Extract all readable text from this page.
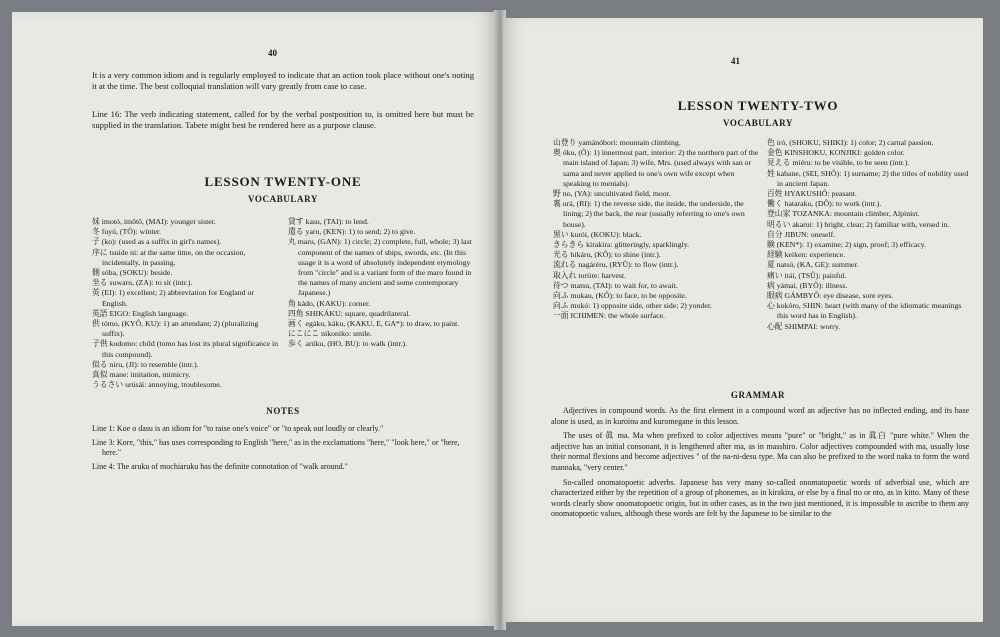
40
It is a very common idiom and is regularly employed to indicate that an action took place without one's noting it at the time. The best colloquial translation will vary greatly from case to case.
Line 16: The verb indicating statement, called for by the verbal postposition to, is omitted here but must be supplied in the translation. Tabete might best be rendered here as a purpose clause.
LESSON TWENTY-ONE
VOCABULARY
妹 imotó, imôtô, (MAI): younger sister.
冬 fuyú, (TÔ): winter.
子 (ko): (used as a suffix in girl's names).
序に tsuide ni: at the same time, on the occasion, incidentally, in passing.
側 sóba, (SOKU): beside.
坐る suwaru, (ZA): to sit (intr.).
英 (EI): 1) excellent; 2) abbreviation for England or English.
英語 EIGO: English language.
供 tómo, (KYÔ, KU): 1) an attendant; 2) (pluralizing suffix).
子供 kodomo: child (tomo has lost its plural significance in this compound).
似る niru, (JI): to resemble (intr.).
真似 mane: imitation, mimicry.
うるさい urúsái: annoying, troublesome.
貸す kasu, (TAI): to lend.
遣る yaru, (KEN): 1) to send; 2) to give.
丸 maru, (GAN): 1) circle; 2) complete, full, whole; 3) last component of the names of ships, swords, etc. (In this usage it is a word of absolutely independent etymology from "circle" and is a variant form of the maro found in the names of many ancient and some contemporary Japanese.)
角 kádo, (KAKU): corner.
四角 SHIKÁKU: square, quadrilateral.
画く egáku, káku, (KAKU, E, GA*): to draw, to paint.
にこにこ nikoniko: smile.
歩く arúku, (HO, BU): to walk (intr.).
NOTES
Line 1: Koe o dasu is an idiom for "to raise one's voice" or "to speak out loudly or clearly."
Line 3: Kore, "this," has uses corresponding to English "here," as in the exclamations "here," "look here," or "here, here."
Line 4: The aruku of mochiaruku has the definite connotation of "walk around."
41
LESSON TWENTY-TWO
VOCABULARY
山登り yamánóbori: mountain climbing.
奥 óku, (Ô): 1) innermost part, interior: 2) the northern part of the main island of Japan; 3) wife, Mrs. (used always with san or sama and never applied to one's own wife except when speaking to menials).
野 no, (YA): uncultivated field, moor.
裏 urá, (RI): 1) the reverse side, the inside, the underside, the lining; 2) the back, the rear (usually referring to one's own house).
黒い kurói, (KOKU): black.
きらきら kírakira: glitteringly, sparklingly.
光る hikáru, (KÔ): to shine (intr.).
流れる nagáréru, (RYÛ): to flow (intr.).
取入れ toriire: harvest.
待つ matsu, (TAI): to wait for, to await.
向ふ mukau, (KÔ): to face, to be opposite.
向ふ mukó: 1) opposite side, other side; 2) yonder.
一面 ICHIMEN: the whole surface.
色 iró, (SHOKU, SHIKI): 1) color; 2) carnal passion.
金色 KINSHOKU, KONJIKI: golden color.
見える miéru: to be visible, to be seen (intr.).
姓 kabane, (SEI, SHÔ): 1) surname; 2) the titles of nobility used in ancient Japan.
百姓 HYAKUSHÔ: peasant.
働く hataraku, (DÔ): to work (intr.).
登山家 TOZANKA: mountain climber, Alpinist.
明るい akarui: 1) bright, clear; 2) familiar with, versed in.
自分 JIBUN: oneself.
験 (KEN*): 1) examine; 2) sign, proof; 3) efficacy.
経験 keiken: experience.
夏 natsú, (KA, GE): summer.
痛い itái, (TSÛ): painful.
病 yámai, (BYÔ): illness.
眼病 GÁMBYÔ: eye disease, sore eyes.
心 kokóro, SHIN: heart (with many of the idiomatic meanings this word has in English).
心配 SHIMPAI: worry.
GRAMMAR
Adjectives in compound words. As the first element in a compound word an adjective has no inflected ending, and its base alone is used, as in kuroinu and kuromegane in this lesson.
The uses of 眞 ma. Ma when prefixed to color adjectives means "pure" or "bright," as in 眞白 "pure white." When the adjective has an initial consonant, it is lengthened after ma, as in masshiro. Color adjectives compounded with ma, usually lose their normal flexions and become adjectives " of the na-ni-desu type. Ma can also be prefixed to the word naka to form the word mannaka, "very center."
So-called onomatopoetic adverbs. Japanese has very many so-called onomatopoetic words of adverbial use, which are characterized either by the repetition of a group of phonemes, as in kirakira, or else by a final tto or nto, as in kitto. Many of these words clearly show onomatopoetic origin, but in other cases, as in the two just mentioned, it is impossible to ascribe to them any onomatopoetic values, although these words are felt by the Japanese to be similar to the
